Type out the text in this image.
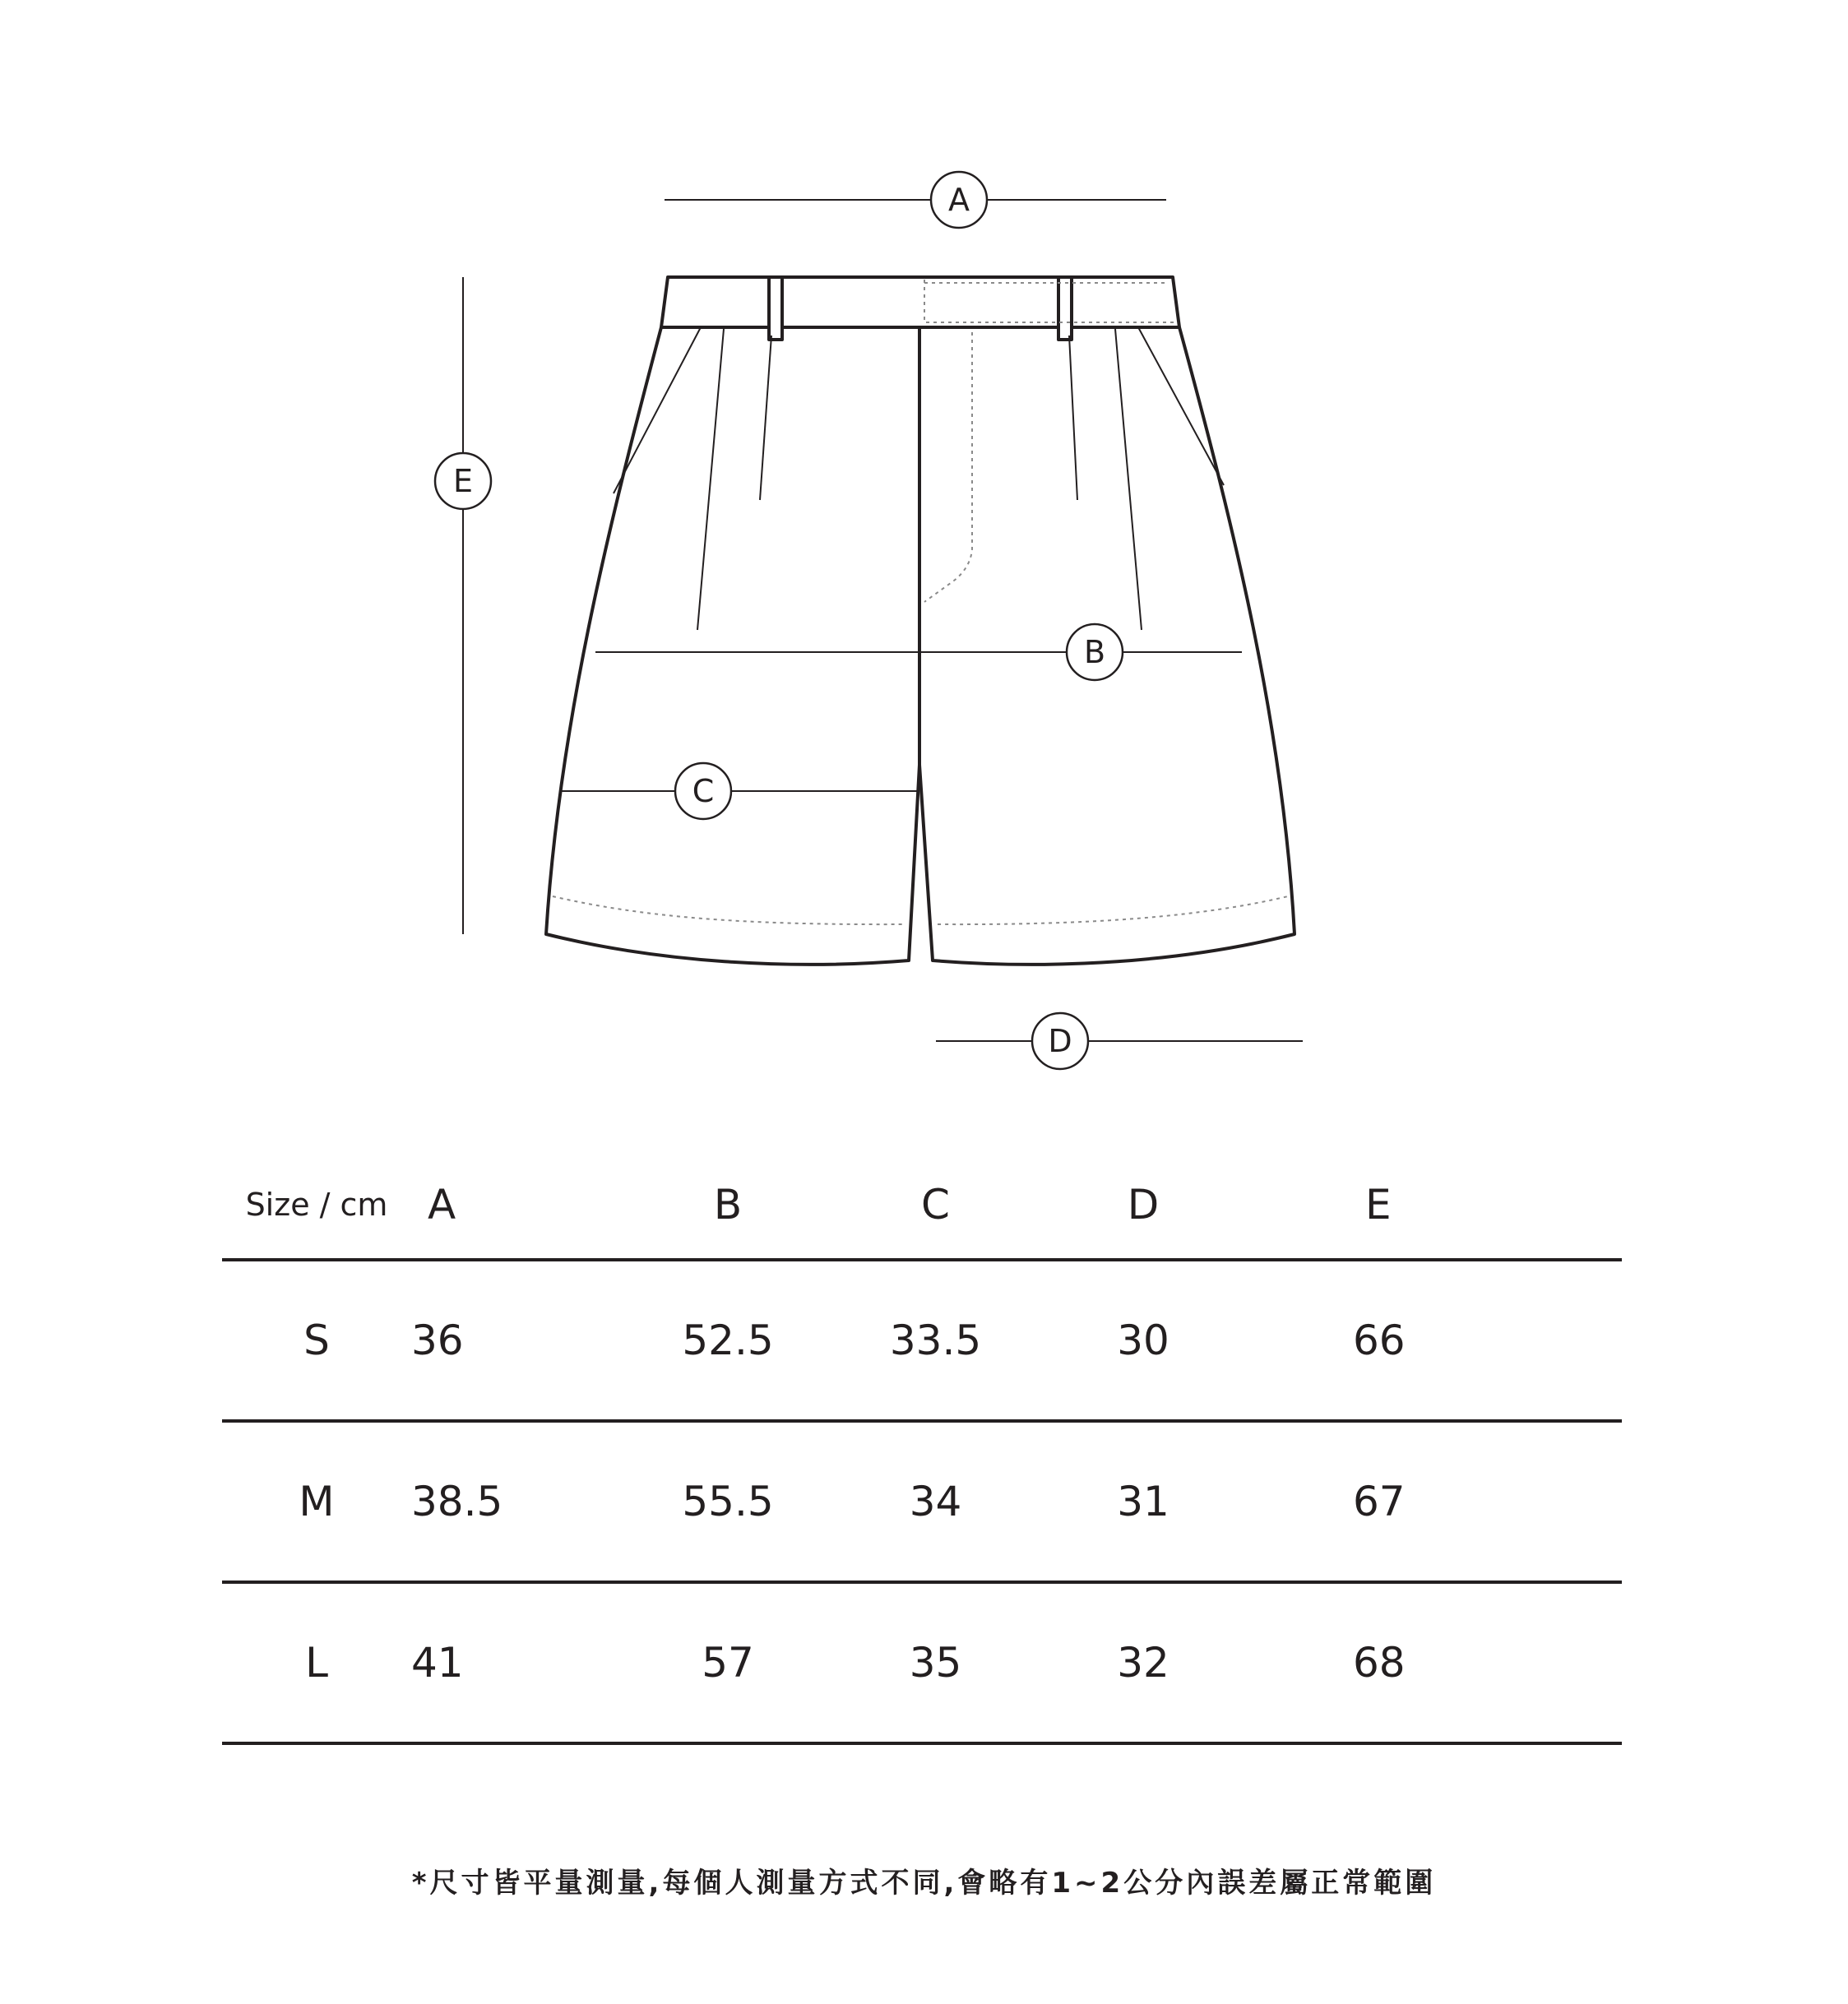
A
B
C
D
E
Size / cm	A	B	C	D	E
S	36	52.5	33.5	30	66
M	38.5	55.5	34	31	67
L	41	57	35	32	68
*尺寸皆平量測量,每個人測量方式不同,會略有1~2公分內誤差屬正常範圍
